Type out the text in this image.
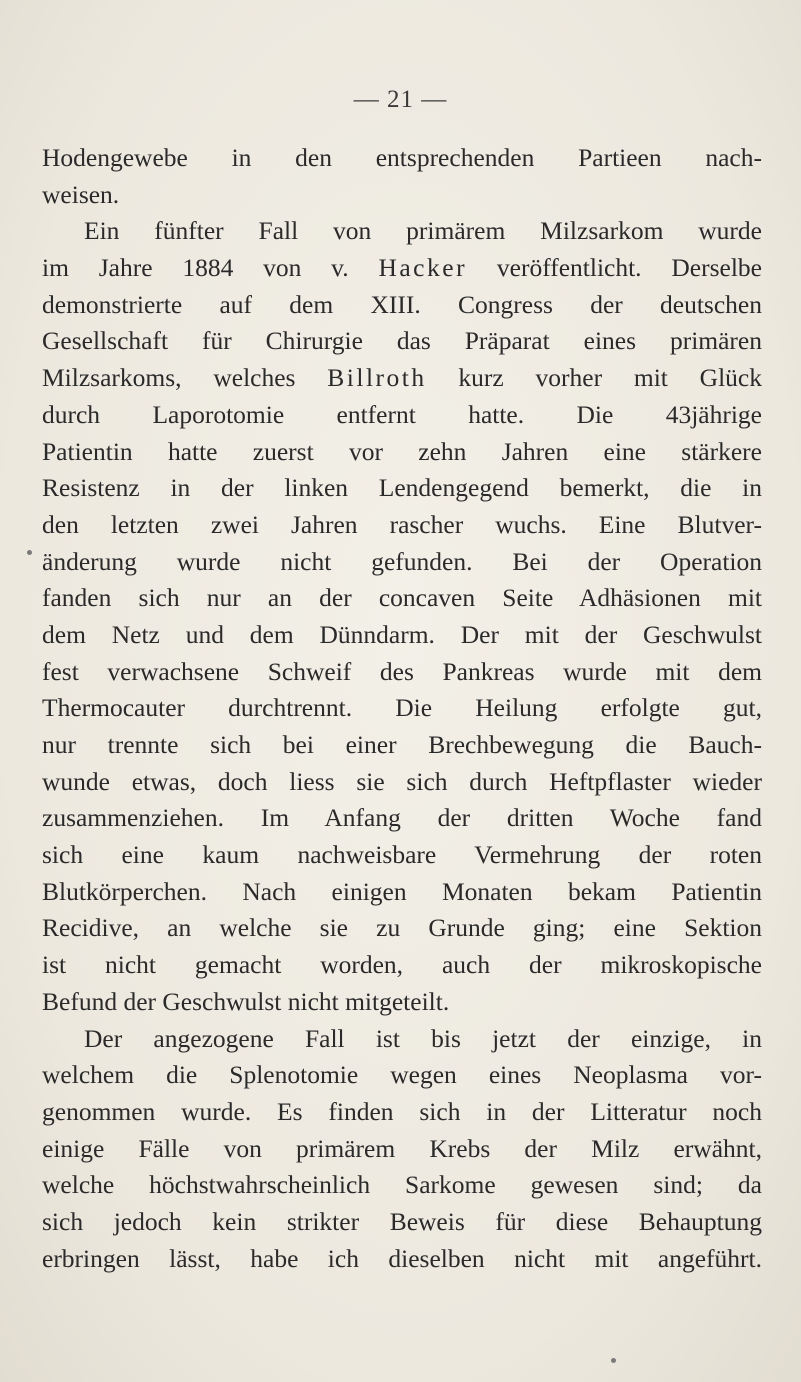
— 21 —
Hodengewebe in den entsprechenden Partieen nach-
weisen.
Ein fünfter Fall von primärem Milzsarkom wurde
im Jahre 1884 von v. Hacker veröffentlicht. Derselbe
demonstrierte auf dem XIII. Congress der deutschen
Gesellschaft für Chirurgie das Präparat eines primären
Milzsarkoms, welches Billroth kurz vorher mit Glück
durch Laporotomie entfernt hatte. Die 43jährige
Patientin hatte zuerst vor zehn Jahren eine stärkere
Resistenz in der linken Lendengegend bemerkt, die in
den letzten zwei Jahren rascher wuchs. Eine Blutver-
änderung wurde nicht gefunden. Bei der Operation
fanden sich nur an der concaven Seite Adhäsionen mit
dem Netz und dem Dünndarm. Der mit der Geschwulst
fest verwachsene Schweif des Pankreas wurde mit dem
Thermocauter durchtrennt. Die Heilung erfolgte gut,
nur trennte sich bei einer Brechbewegung die Bauch-
wunde etwas, doch liess sie sich durch Heftpflaster wieder
zusammenziehen. Im Anfang der dritten Woche fand
sich eine kaum nachweisbare Vermehrung der roten
Blutkörperchen. Nach einigen Monaten bekam Patientin
Recidive, an welche sie zu Grunde ging; eine Sektion
ist nicht gemacht worden, auch der mikroskopische
Befund der Geschwulst nicht mitgeteilt.
Der angezogene Fall ist bis jetzt der einzige, in
welchem die Splenotomie wegen eines Neoplasma vor-
genommen wurde. Es finden sich in der Litteratur noch
einige Fälle von primärem Krebs der Milz erwähnt,
welche höchstwahrscheinlich Sarkome gewesen sind; da
sich jedoch kein strikter Beweis für diese Behauptung
erbringen lässt, habe ich dieselben nicht mit angeführt.
